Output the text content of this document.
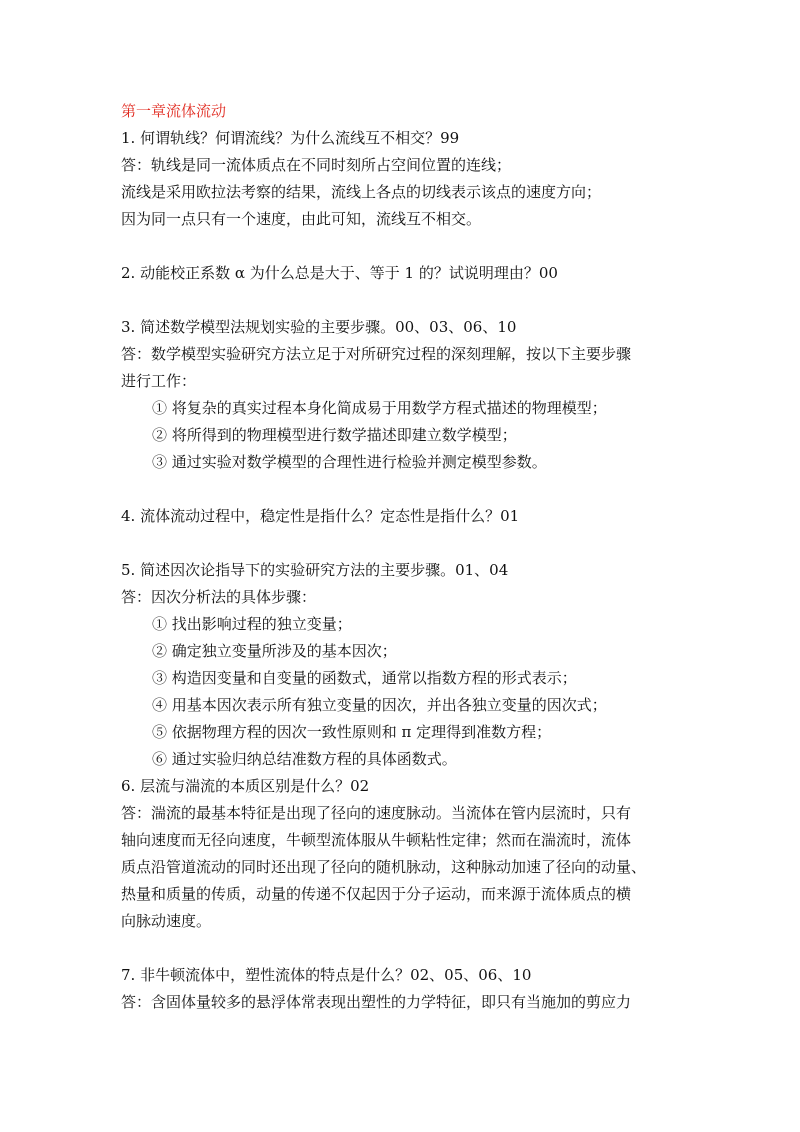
第一章流体流动
1. 何谓轨线？何谓流线？为什么流线互不相交？99
答：轨线是同一流体质点在不同时刻所占空间位置的连线；
流线是采用欧拉法考察的结果，流线上各点的切线表示该点的速度方向；
因为同一点只有一个速度，由此可知，流线互不相交。
2. 动能校正系数 α 为什么总是大于、等于 1 的？试说明理由？00
3. 简述数学模型法规划实验的主要步骤。00、03、06、10
答：数学模型实验研究方法立足于对所研究过程的深刻理解，按以下主要步骤
进行工作：
① 将复杂的真实过程本身化简成易于用数学方程式描述的物理模型；
② 将所得到的物理模型进行数学描述即建立数学模型；
③ 通过实验对数学模型的合理性进行检验并测定模型参数。
4. 流体流动过程中，稳定性是指什么？定态性是指什么？01
5. 简述因次论指导下的实验研究方法的主要步骤。01、04
答：因次分析法的具体步骤：
① 找出影响过程的独立变量；
② 确定独立变量所涉及的基本因次；
③ 构造因变量和自变量的函数式，通常以指数方程的形式表示；
④ 用基本因次表示所有独立变量的因次，并出各独立变量的因次式；
⑤ 依据物理方程的因次一致性原则和 π 定理得到准数方程；
⑥ 通过实验归纳总结准数方程的具体函数式。
6. 层流与湍流的本质区别是什么？02
答：湍流的最基本特征是出现了径向的速度脉动。当流体在管内层流时，只有
轴向速度而无径向速度，牛顿型流体服从牛顿粘性定律；然而在湍流时，流体
质点沿管道流动的同时还出现了径向的随机脉动，这种脉动加速了径向的动量、
热量和质量的传质，动量的传递不仅起因于分子运动，而来源于流体质点的横
向脉动速度。
7. 非牛顿流体中，塑性流体的特点是什么？02、05、06、10
答：含固体量较多的悬浮体常表现出塑性的力学特征，即只有当施加的剪应力
